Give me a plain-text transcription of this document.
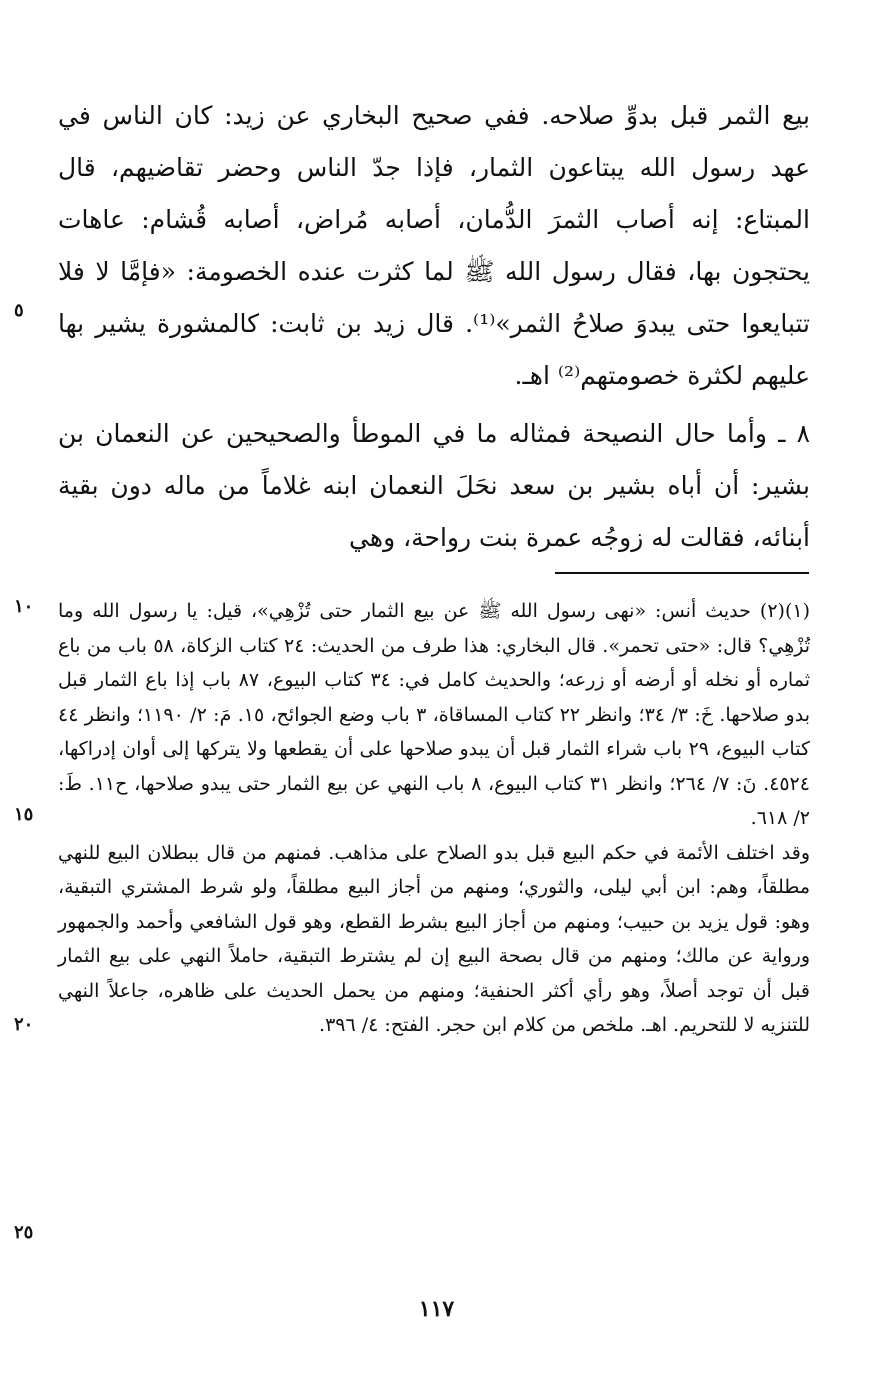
بيع الثمر قبل بدوِّ صلاحه. ففي صحيح البخاري عن زيد: كان الناس في عهد رسول الله يبتاعون الثمار، فإذا جدّ الناس وحضر تقاضيهم، قال المبتاع: إنه أصاب الثمرَ الدُّمان، أصابه مُراض، أصابه قُشام: عاهات يحتجون بها، فقال رسول الله ﷺ لما كثرت عنده الخصومة: «فإمَّا لا فلا تتبايعوا حتى يبدوَ صلاحُ الثمر»⁽¹⁾. قال زيد بن ثابت: كالمشورة يشير بها عليهم لكثرة خصومتهم⁽²⁾ اهـ.

٨ ـ وأما حال النصيحة فمثاله ما في الموطأ والصحيحين عن النعمان بن بشير: أن أباه بشير بن سعد نحَلَ النعمان ابنه غلاماً من ماله دون بقية أبنائه، فقالت له زوجُه عمرة بنت رواحة، وهي

٥
١٠
١٥
٢٠
٢٥

(١)(٢) حديث أنس: «نهى رسول الله ﷺ عن بيع الثمار حتى تُزْهِي»، قيل: يا رسول الله وما تُزْهِي؟ قال: «حتى تحمر». قال البخاري: هذا طرف من الحديث: ٢٤ كتاب الزكاة، ٥٨ باب من باع ثماره أو نخله أو أرضه أو زرعه؛ والحديث كامل في: ٣٤ كتاب البيوع، ٨٧ باب إذا باع الثمار قبل بدو صلاحها. خَ: ٣/ ٣٤؛ وانظر ٢٢ كتاب المساقاة، ٣ باب وضع الجوائح، ١٥. مَ: ٢/ ١١٩٠؛ وانظر ٤٤ كتاب البيوع، ٢٩ باب شراء الثمار قبل أن يبدو صلاحها على أن يقطعها ولا يتركها إلى أوان إدراكها، ٤٥٢٤. نَ: ٧/ ٢٦٤؛ وانظر ٣١ كتاب البيوع، ٨ باب النهي عن بيع الثمار حتى يبدو صلاحها، ح١١. طَ: ٢/ ٦١٨.

وقد اختلف الأئمة في حكم البيع قبل بدو الصلاح على مذاهب. فمنهم من قال ببطلان البيع للنهي مطلقاً، وهم: ابن أبي ليلى، والثوري؛ ومنهم من أجاز البيع مطلقاً، ولو شرط المشتري التبقية، وهو: قول يزيد بن حبيب؛ ومنهم من أجاز البيع بشرط القطع، وهو قول الشافعي وأحمد والجمهور ورواية عن مالك؛ ومنهم من قال بصحة البيع إن لم يشترط التبقية، حاملاً النهي على بيع الثمار قبل أن توجد أصلاً، وهو رأي أكثر الحنفية؛ ومنهم من يحمل الحديث على ظاهره، جاعلاً النهي للتنزيه لا للتحريم. اهـ. ملخص من كلام ابن حجر. الفتح: ٤/ ٣٩٦.

١١٧
